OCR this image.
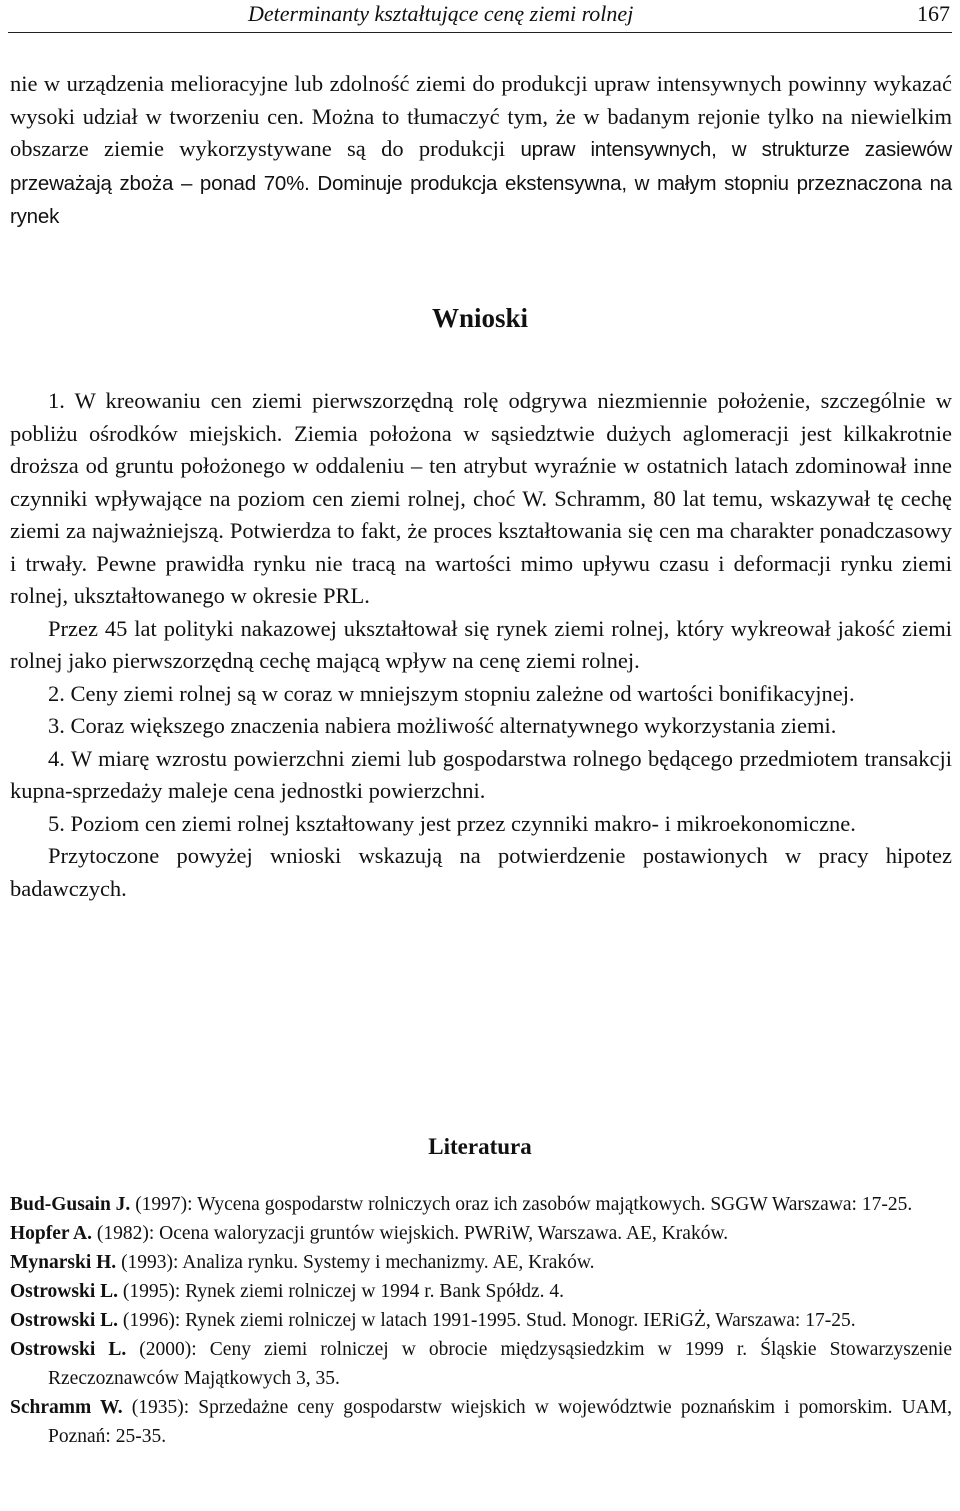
Determinanty kształtujące cenę ziemi rolnej	167

nie w urządzenia melioracyjne lub zdolność ziemi do produkcji upraw intensywnych powinny wykazać wysoki udział w tworzeniu cen. Można to tłumaczyć tym, że w badanym rejonie tylko na niewielkim obszarze ziemie wykorzystywane są do produkcji upraw intensywnych, w strukturze zasiewów przeważają zboża – ponad 70%. Dominuje produkcja ekstensywna, w małym stopniu przeznaczona na rynek

Wnioski

1. W kreowaniu cen ziemi pierwszorzędną rolę odgrywa niezmiennie położenie, szczególnie w pobliżu ośrodków miejskich. Ziemia położona w sąsiedztwie dużych aglomeracji jest kilkakrotnie droższa od gruntu położonego w oddaleniu – ten atrybut wyraźnie w ostatnich latach zdominował inne czynniki wpływające na poziom cen ziemi rolnej, choć W. Schramm, 80 lat temu, wskazywał tę cechę ziemi za najważniejszą. Potwierdza to fakt, że proces kształtowania się cen ma charakter ponadczasowy i trwały. Pewne prawidła rynku nie tracą na wartości mimo upływu czasu i deformacji rynku ziemi rolnej, ukształtowanego w okresie PRL.

Przez 45 lat polityki nakazowej ukształtował się rynek ziemi rolnej, który wykreował jakość ziemi rolnej jako pierwszorzędną cechę mającą wpływ na cenę ziemi rolnej.

2. Ceny ziemi rolnej są w coraz w mniejszym stopniu zależne od wartości bonifikacyjnej.

3. Coraz większego znaczenia nabiera możliwość alternatywnego wykorzystania ziemi.

4. W miarę wzrostu powierzchni ziemi lub gospodarstwa rolnego będącego przedmiotem transakcji kupna-sprzedaży maleje cena jednostki powierzchni.

5. Poziom cen ziemi rolnej kształtowany jest przez czynniki makro- i mikroekonomiczne.

Przytoczone powyżej wnioski wskazują na potwierdzenie postawionych w pracy hipotez badawczych.

Literatura

Bud-Gusain J. (1997): Wycena gospodarstw rolniczych oraz ich zasobów majątkowych. SGGW Warszawa: 17-25.

Hopfer A. (1982): Ocena waloryzacji gruntów wiejskich. PWRiW, Warszawa. AE, Kraków.

Mynarski H. (1993): Analiza rynku. Systemy i mechanizmy. AE, Kraków.

Ostrowski L. (1995): Rynek ziemi rolniczej w 1994 r. Bank Spółdz. 4.

Ostrowski L. (1996): Rynek ziemi rolniczej w latach 1991-1995. Stud. Monogr. IERiGŻ, Warszawa: 17-25.

Ostrowski L. (2000): Ceny ziemi rolniczej w obrocie międzysąsiedzkim w 1999 r. Śląskie Stowarzyszenie Rzeczoznawców Majątkowych 3, 35.

Schramm W. (1935): Sprzedażne ceny gospodarstw wiejskich w województwie poznańskim i pomorskim. UAM, Poznań: 25-35.
